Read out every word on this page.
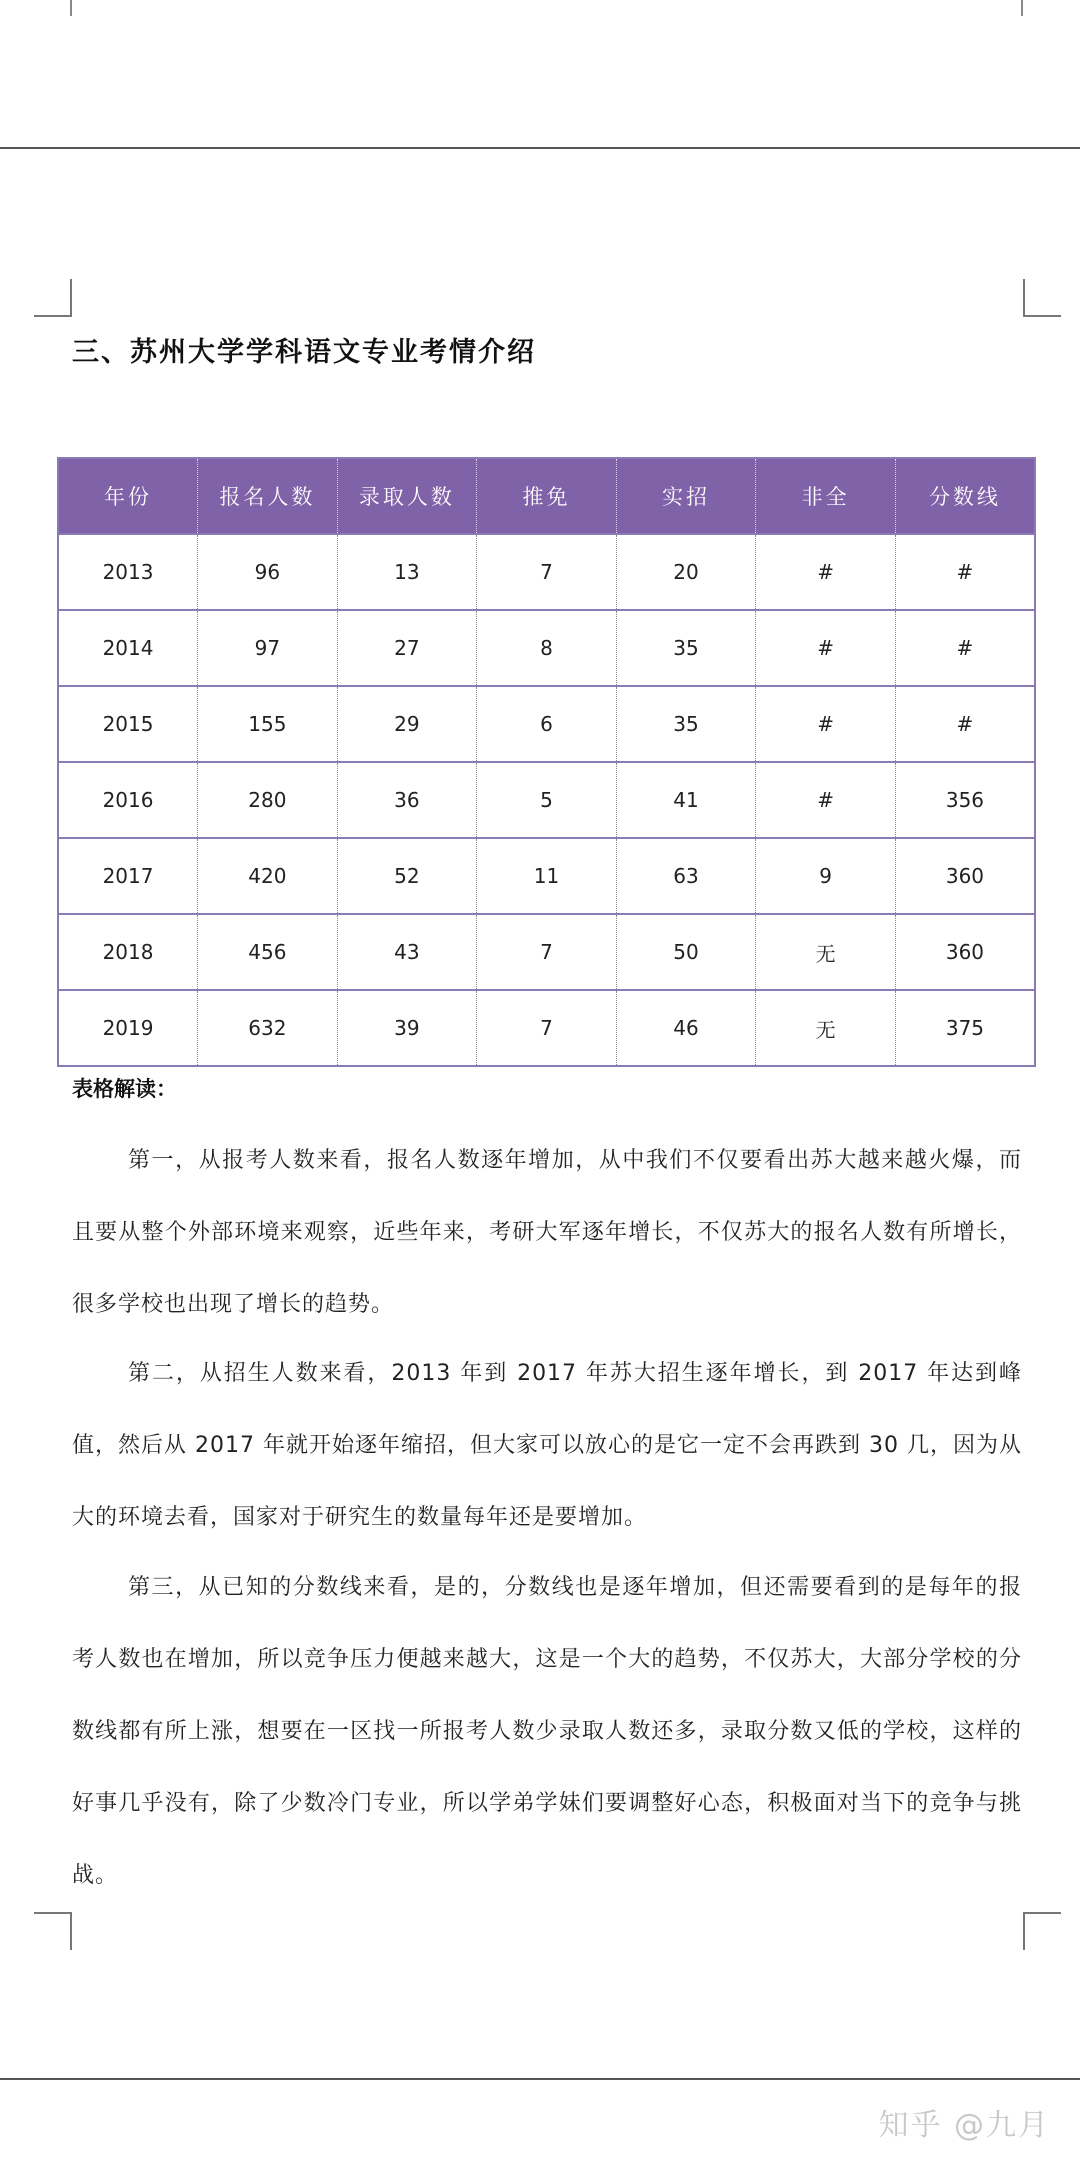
三、苏州大学学科语文专业考情介绍
年份	报名人数	录取人数	推免	实招	非全	分数线
2013	96	13	7	20	#	#
2014	97	27	8	35	#	#
2015	155	29	6	35	#	#
2016	280	36	5	41	#	356
2017	420	52	11	63	9	360
2018	456	43	7	50	无	360
2019	632	39	7	46	无	375
表格解读：

第一，从报考人数来看，报名人数逐年增加，从中我们不仅要看出苏大越来越火爆，而且要从整个外部环境来观察，近些年来，考研大军逐年增长，不仅苏大的报名人数有所增长，很多学校也出现了增长的趋势。

第二，从招生人数来看，2013 年到 2017 年苏大招生逐年增长，到 2017 年达到峰值，然后从 2017 年就开始逐年缩招，但大家可以放心的是它一定不会再跌到 30 几，因为从大的环境去看，国家对于研究生的数量每年还是要增加。

第三，从已知的分数线来看，是的，分数线也是逐年增加，但还需要看到的是每年的报考人数也在增加，所以竞争压力便越来越大，这是一个大的趋势，不仅苏大，大部分学校的分数线都有所上涨，想要在一区找一所报考人数少录取人数还多，录取分数又低的学校，这样的好事几乎没有，除了少数冷门专业，所以学弟学妹们要调整好心态，积极面对当下的竞争与挑战。

知乎 @九月
